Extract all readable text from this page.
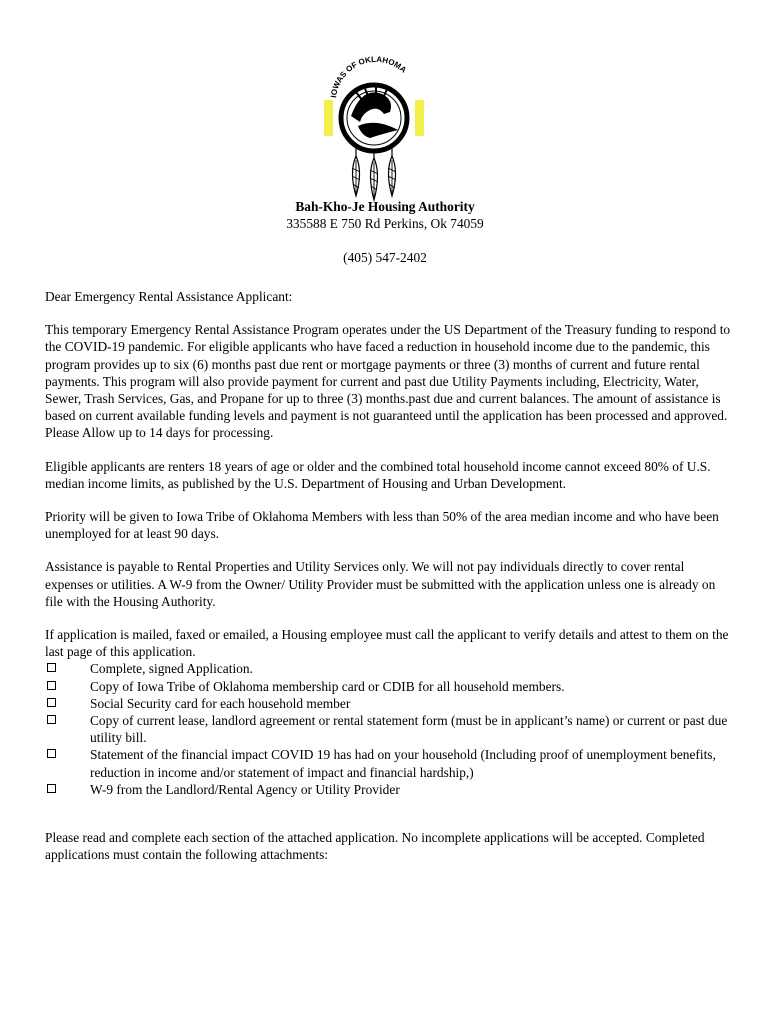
IOWAS OF OKLAHOMA
Bah-Kho-Je Housing Authority
335588 E 750 Rd Perkins, Ok 74059
(405) 547-2402

Dear Emergency Rental Assistance Applicant:

This temporary Emergency Rental Assistance Program operates under the US Department of the Treasury funding to respond to the COVID-19 pandemic. For eligible applicants who have faced a reduction in household income due to the pandemic, this program provides up to six (6) months past due rent or mortgage payments or three (3) months of current and future rental payments. This program will also provide payment for current and past due Utility Payments including, Electricity, Water, Sewer, Trash Services, Gas, and Propane for up to three (3) months.past due and current balances. The amount of assistance is based on current available funding levels and payment is not guaranteed until the application has been processed and approved. Please Allow up to 14 days for processing.

Eligible applicants are renters 18 years of age or older and the combined total household income cannot exceed 80% of U.S. median income limits, as published by the U.S. Department of Housing and Urban Development.

Priority will be given to Iowa Tribe of Oklahoma Members with less than 50% of the area median income and who have been unemployed for at least 90 days.

Assistance is payable to Rental Properties and Utility Services only. We will not pay individuals directly to cover rental expenses or utilities. A W-9 from the Owner/ Utility Provider must be submitted with the application unless one is already on file with the Housing Authority.

If application is mailed, faxed or emailed, a Housing employee must call the applicant to verify details and attest to them on the last page of this application.

Complete, signed Application.
Copy of Iowa Tribe of Oklahoma membership card or CDIB for all household members.
Social Security card for each household member
Copy of current lease, landlord agreement or rental statement form (must be in applicant’s name) or current or past due utility bill.
Statement of the financial impact COVID 19 has had on your household (Including proof of unemployment benefits, reduction in income and/or statement of impact and financial hardship,)
W-9 from the Landlord/Rental Agency or Utility Provider

Please read and complete each section of the attached application. No incomplete applications will be accepted. Completed applications must contain the following attachments:
